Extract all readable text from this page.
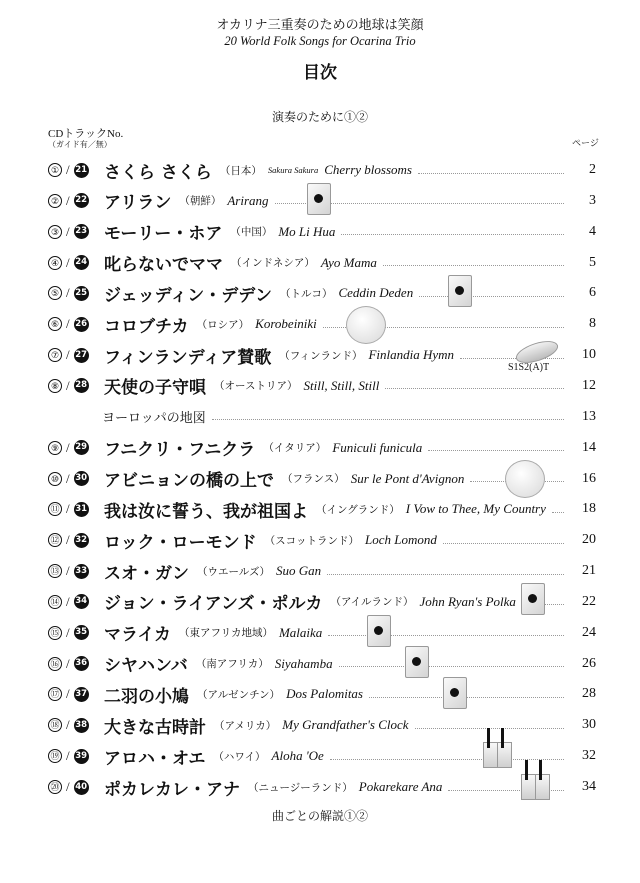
オカリナ三重奏のための地球は笑顔
20 World Folk Songs for Ocarina Trio
目次
演奏のために①②
CDトラックNo.
（ガイド有／無）	ページ
① / 21 さくら さくら （日本） Sakura Sakura Cherry blossoms	2
② / 22 アリラン （朝鮮） Arirang	3
③ / 23 モーリー・ホア （中国） Mo Li Hua	4
④ / 24 叱らないでママ （インドネシア） Ayo Mama	5
⑤ / 25 ジェッディン・デデン （トルコ） Ceddin Deden	6
⑥ / 26 コロブチカ （ロシア） Korobeiniki	8
⑦ / 27 フィンランディア賛歌 （フィンランド） Finlandia Hymn	10
⑧ / 28 天使の子守唄 （オーストリア） Still, Still, Still	12
ヨーロッパの地図	13
⑨ / 29 フニクリ・フニクラ （イタリア） Funiculi funicula	14
⑩ / 30 アビニョンの橋の上で （フランス） Sur le Pont d'Avignon	16
⑪ / 31 我は汝に誓う、我が祖国よ （イングランド） I Vow to Thee, My Country	18
⑫ / 32 ロック・ローモンド （スコットランド） Loch Lomond	20
⑬ / 33 スオ・ガン （ウエールズ） Suo Gan	21
⑭ / 34 ジョン・ライアンズ・ポルカ （アイルランド） John Ryan's Polka	22
⑮ / 35 マライカ （東アフリカ地域） Malaika	24
⑯ / 36 シヤハンバ （南アフリカ） Siyahamba	26
⑰ / 37 二羽の小鳩 （アルゼンチン） Dos Palomitas	28
⑱ / 38 大きな古時計 （アメリカ） My Grandfather's Clock	30
⑲ / 39 アロハ・オエ （ハワイ） Aloha 'Oe	32
⑳ / 40 ポカレカレ・アナ （ニュージーランド） Pokarekare Ana	34
曲ごとの解説①②
S1S2(A)T
